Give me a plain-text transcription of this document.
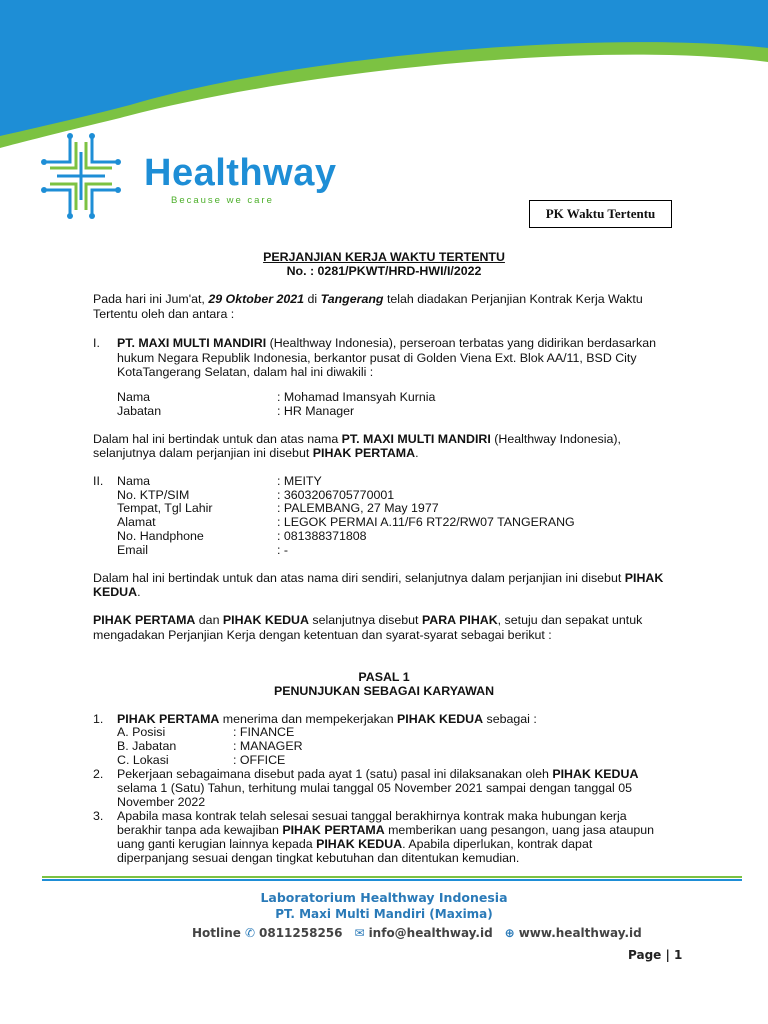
Healthway
Because we care
PK Waktu Tertentu
PERJANJIAN KERJA WAKTU TERTENTU
No. : 0281/PKWT/HRD-HWI/I/2022
Pada hari ini Jum'at, 29 Oktober 2021 di Tangerang telah diadakan Perjanjian Kontrak Kerja Waktu
Tertentu oleh dan antara :
I. PT. MAXI MULTI MANDIRI (Healthway Indonesia), perseroan terbatas yang didirikan berdasarkan
hukum Negara Republik Indonesia, berkantor pusat di Golden Viena Ext. Blok AA/11, BSD City
KotaTangerang Selatan, dalam hal ini diwakili :
Nama	: Mohamad Imansyah Kurnia
Jabatan	: HR Manager
Dalam hal ini bertindak untuk dan atas nama PT. MAXI MULTI MANDIRI (Healthway Indonesia),
selanjutnya dalam perjanjian ini disebut PIHAK PERTAMA.
II. Nama	: MEITY
No. KTP/SIM	: 3603206705770001
Tempat, Tgl Lahir	: PALEMBANG, 27 May 1977
Alamat	: LEGOK PERMAI A.11/F6 RT22/RW07 TANGERANG
No. Handphone	: 081388371808
Email	: -
Dalam hal ini bertindak untuk dan atas nama diri sendiri, selanjutnya dalam perjanjian ini disebut PIHAK
KEDUA.
PIHAK PERTAMA dan PIHAK KEDUA selanjutnya disebut PARA PIHAK, setuju dan sepakat untuk
mengadakan Perjanjian Kerja dengan ketentuan dan syarat-syarat sebagai berikut :
PASAL 1
PENUNJUKAN SEBAGAI KARYAWAN
1. PIHAK PERTAMA menerima dan mempekerjakan PIHAK KEDUA sebagai :
A. Posisi	: FINANCE
B. Jabatan	: MANAGER
C. Lokasi	: OFFICE
2. Pekerjaan sebagaimana disebut pada ayat 1 (satu) pasal ini dilaksanakan oleh PIHAK KEDUA
selama 1 (Satu) Tahun, terhitung mulai tanggal 05 November 2021 sampai dengan tanggal 05
November 2022
3. Apabila masa kontrak telah selesai sesuai tanggal berakhirnya kontrak maka hubungan kerja
berakhir tanpa ada kewajiban PIHAK PERTAMA memberikan uang pesangon, uang jasa ataupun
uang ganti kerugian lainnya kepada PIHAK KEDUA. Apabila diperlukan, kontrak dapat
diperpanjang sesuai dengan tingkat kebutuhan dan ditentukan kemudian.
Laboratorium Healthway Indonesia
PT. Maxi Multi Mandiri (Maxima)
Hotline ✆ 0811258256 ✉ info@healthway.id ⊕ www.healthway.id
Page | 1
